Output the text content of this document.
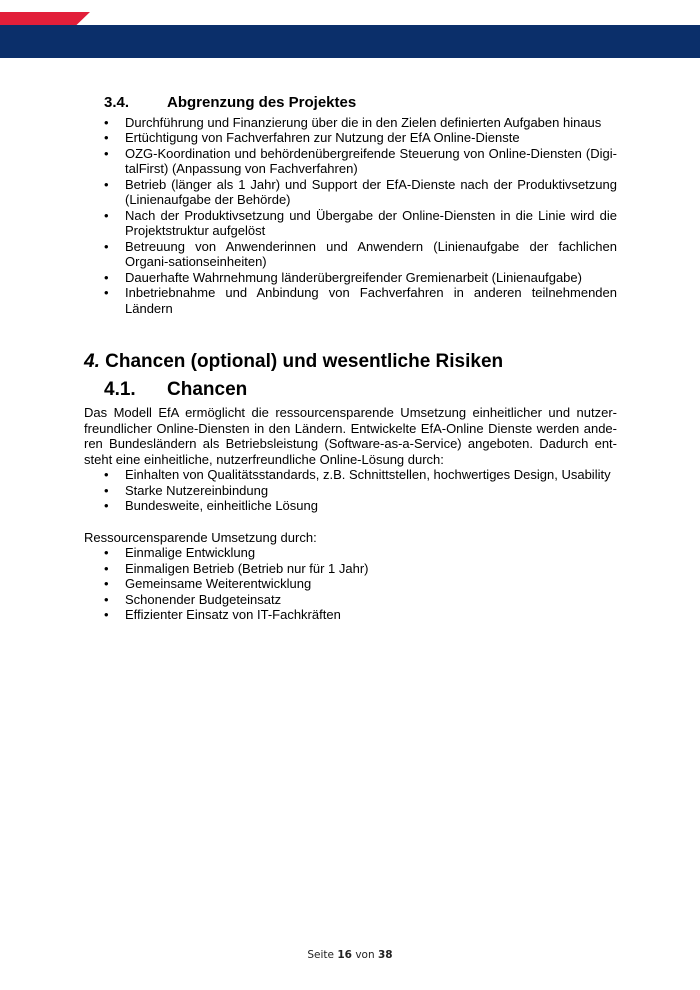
3.4.	Abgrenzung des Projektes
• Durchführung und Finanzierung über die in den Zielen definierten Aufgaben hinaus
• Ertüchtigung von Fachverfahren zur Nutzung der EfA Online-Dienste
• OZG-Koordination und behördenübergreifende Steuerung von Online-Diensten (Digi-talFirst) (Anpassung von Fachverfahren)
• Betrieb (länger als 1 Jahr) und Support der EfA-Dienste nach der Produktivsetzung (Linienaufgabe der Behörde)
• Nach der Produktivsetzung und Übergabe der Online-Diensten in die Linie wird die Projektstruktur aufgelöst
• Betreuung von Anwenderinnen und Anwendern (Linienaufgabe der fachlichen Organi-sationseinheiten)
• Dauerhafte Wahrnehmung länderübergreifender Gremienarbeit (Linienaufgabe)
• Inbetriebnahme und Anbindung von Fachverfahren in anderen teilnehmenden Ländern
4. Chancen (optional) und wesentliche Risiken
4.1.	Chancen

Das Modell EfA ermöglicht die ressourcensparende Umsetzung einheitlicher und nutzer-freundlicher Online-Diensten in den Ländern. Entwickelte EfA-Online Dienste werden ande-ren Bundesländern als Betriebsleistung (Software-as-a-Service) angeboten. Dadurch ent-steht eine einheitliche, nutzerfreundliche Online-Lösung durch:

• Einhalten von Qualitätsstandards, z.B. Schnittstellen, hochwertiges Design, Usability
• Starke Nutzereinbindung
• Bundesweite, einheitliche Lösung

Ressourcensparende Umsetzung durch:

• Einmalige Entwicklung
• Einmaligen Betrieb (Betrieb nur für 1 Jahr)
• Gemeinsame Weiterentwicklung
• Schonender Budgeteinsatz
• Effizienter Einsatz von IT-Fachkräften
Seite 16 von 38
